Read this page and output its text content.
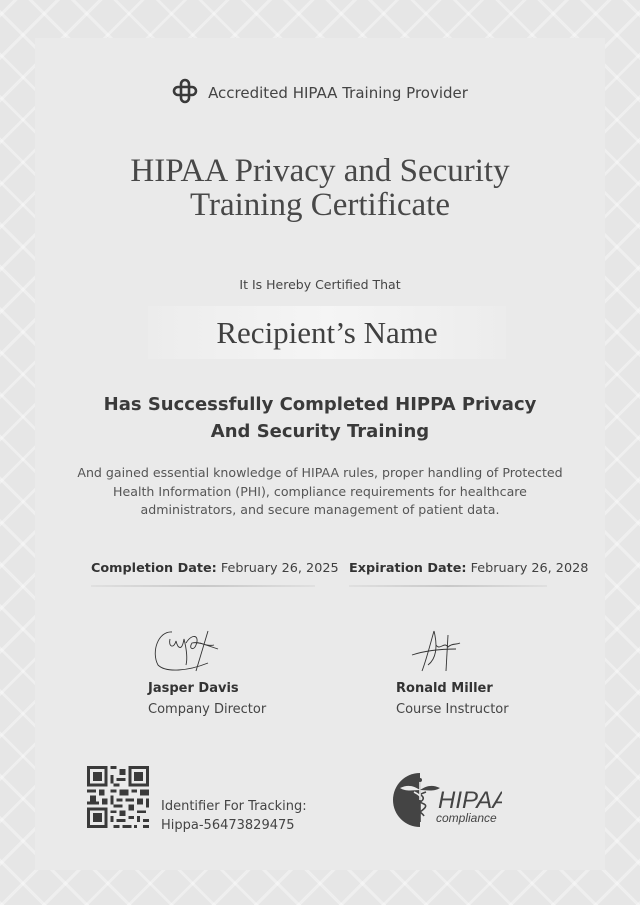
Accredited HIPAA Training Provider
HIPAA Privacy and Security
Training Certificate
It Is Hereby Certified That
Recipient’s Name
Has Successfully Completed HIPPA Privacy
And Security Training
And gained essential knowledge of HIPAA rules, proper handling of Protected Health Information (PHI), compliance requirements for healthcare administrators, and secure management of patient data.
Completion Date: February 26, 2025 Expiration Date: February 26, 2028
Jasper Davis
Company Director
Ronald Miller
Course Instructor
Identifier For Tracking:
Hippa-56473829475
HIPAA
compliance
